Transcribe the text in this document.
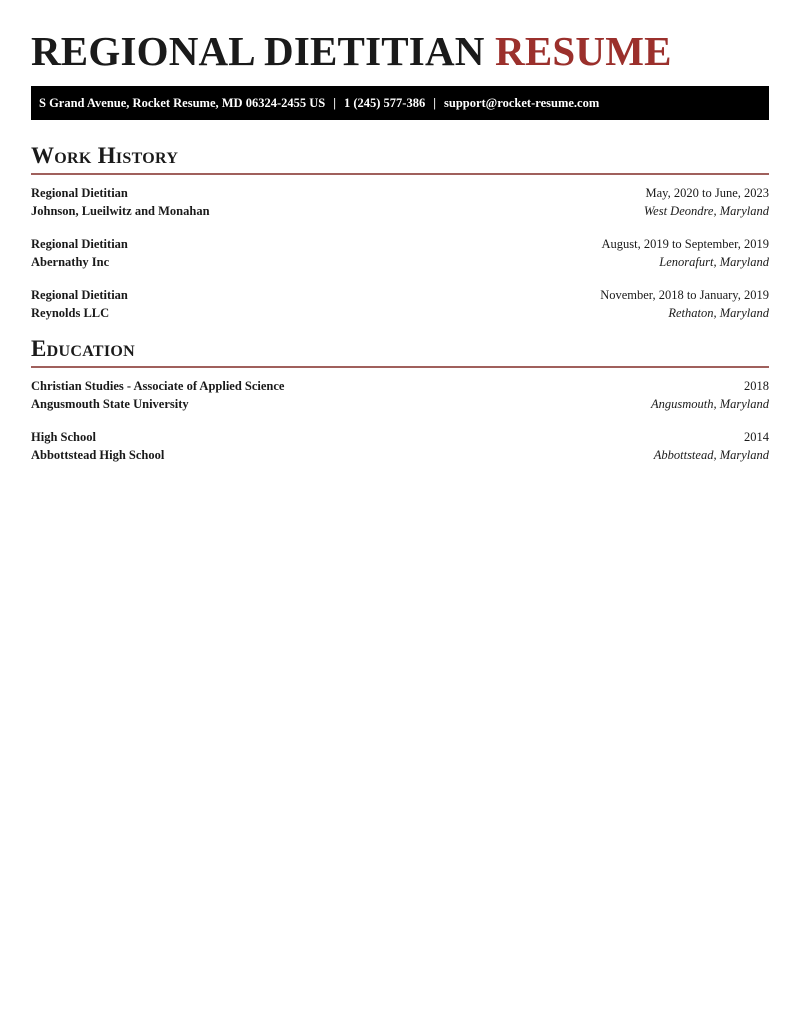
REGIONAL DIETITIAN RESUME
S Grand Avenue, Rocket Resume, MD 06324-2455 US | 1 (245) 577-386 | support@rocket-resume.com
Work History
Regional Dietitian	May, 2020 to June, 2023
Johnson, Lueilwitz and Monahan	West Deondre, Maryland
Regional Dietitian	August, 2019 to September, 2019
Abernathy Inc	Lenorafurt, Maryland
Regional Dietitian	November, 2018 to January, 2019
Reynolds LLC	Rethaton, Maryland
Education
Christian Studies - Associate of Applied Science	2018
Angusmouth State University	Angusmouth, Maryland
High School	2014
Abbottstead High School	Abbottstead, Maryland
